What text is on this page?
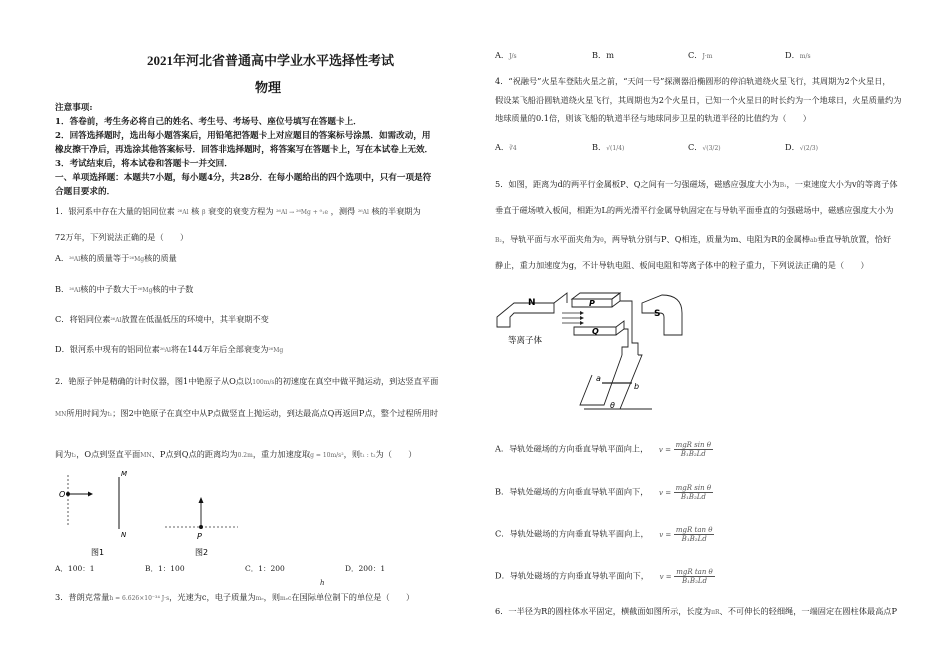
2021年河北省普通高中学业水平选择性考试
物理
注意事项:
1．答卷前，考生务必将自己的姓名、考生号、考场号、座位号填写在答题卡上．
2．回答选择题时，选出每小题答案后，用铅笔把答题卡上对应题目的答案标号涂黑．如需改动，用
橡皮擦干净后，再选涂其他答案标号．回答非选择题时，将答案写在答题卡上，写在本试卷上无效．
3．考试结束后，将本试卷和答题卡一并交回．
一、单项选择题：本题共7小题，每小题4分，共28分．在每小题给出的四个选项中，只有一项是符
合题目要求的．
1．银河系中存在大量的铝同位素 ²⁶Al 核 β 衰变的衰变方程为 ²⁶Al → ²⁶Mg + ⁰₁e ，测得 ²⁶Al 核的半衰期为
72万年，下列说法正确的是（　　）
A．²⁶Al核的质量等于²⁶Mg核的质量
B．²⁶Al核的中子数大于²⁶Mg核的中子数
C．将铝同位素²⁶Al放置在低温低压的环境中，其半衰期不变
D．银河系中现有的铝同位素²⁶Al将在144万年后全部衰变为²⁶Mg
2．铯原子钟是精确的计时仪器，图1中铯原子从O点以100m/s的初速度在真空中做平抛运动，到达竖直平面
MN所用时间为t₁；图2中铯原子在真空中从P点做竖直上抛运动，到达最高点Q再返回P点，整个过程所用时
间为t₂，O点到竖直平面MN、P点到Q点的距离均为0.2m，重力加速度取g = 10m/s²，则t₁ : t₂为（　　）
O
M
N
图1
P
图2
A．100：1	B．1：100	C．1：200	D．200：1
h
3．普朗克常量h = 6.626×10⁻³⁴ J·s，光速为c，电子质量为mₑ，则mₑc在国际单位制下的单位是（　　）
A．J/s	B．m	C．J·m	D．m/s
4．“祝融号”火星车登陆火星之前，“天问一号”探测器沿椭圆形的停泊轨道绕火星飞行，其周期为2个火星日，
假设某飞船沿圆轨道绕火星飞行，其周期也为2个火星日，已知一个火星日的时长约为一个地球日，火星质量约为
地球质量的0.1倍，则该飞船的轨道半径与地球同步卫星的轨道半径的比值约为（　　）
A．∛4	B．√(1/4)	C．√(3/2)	D．√(2/3)
5．如图，距离为d的两平行金属板P、Q之间有一匀强磁场，磁感应强度大小为B₁，一束速度大小为v的等离子体
垂直于磁场喷入板间，相距为L的两光滑平行金属导轨固定在与导轨平面垂直的匀强磁场中，磁感应强度大小为
B₂，导轨平面与水平面夹角为θ，两导轨分别与P、Q相连，质量为m、电阻为R的金属棒ab垂直导轨放置，恰好
静止，重力加速度为g，不计导轨电阻、板间电阻和等离子体中的粒子重力，下列说法正确的是（　　）
N
S
P
Q
等离子体
a
b
θ
A．导轨处磁场的方向垂直导轨平面向上， $v = \frac{\text{mgR sin θ}}{\text{B₁B₂Ld}}$
B．导轨处磁场的方向垂直导轨平面向下， $v = \frac{\text{mgR sin θ}}{\text{B₁B₂Ld}}$
C．导轨处磁场的方向垂直导轨平面向上， $v = \frac{\text{mgR tan θ}}{\text{B₁B₂Ld}}$
D．导轨处磁场的方向垂直导轨平面向下， $v = \frac{\text{mgR tan θ}}{\text{B₁B₂Ld}}$
6．一半径为R的圆柱体水平固定，横截面如图所示，长度为πR、不可伸长的轻细绳，一端固定在圆柱体最高点P
